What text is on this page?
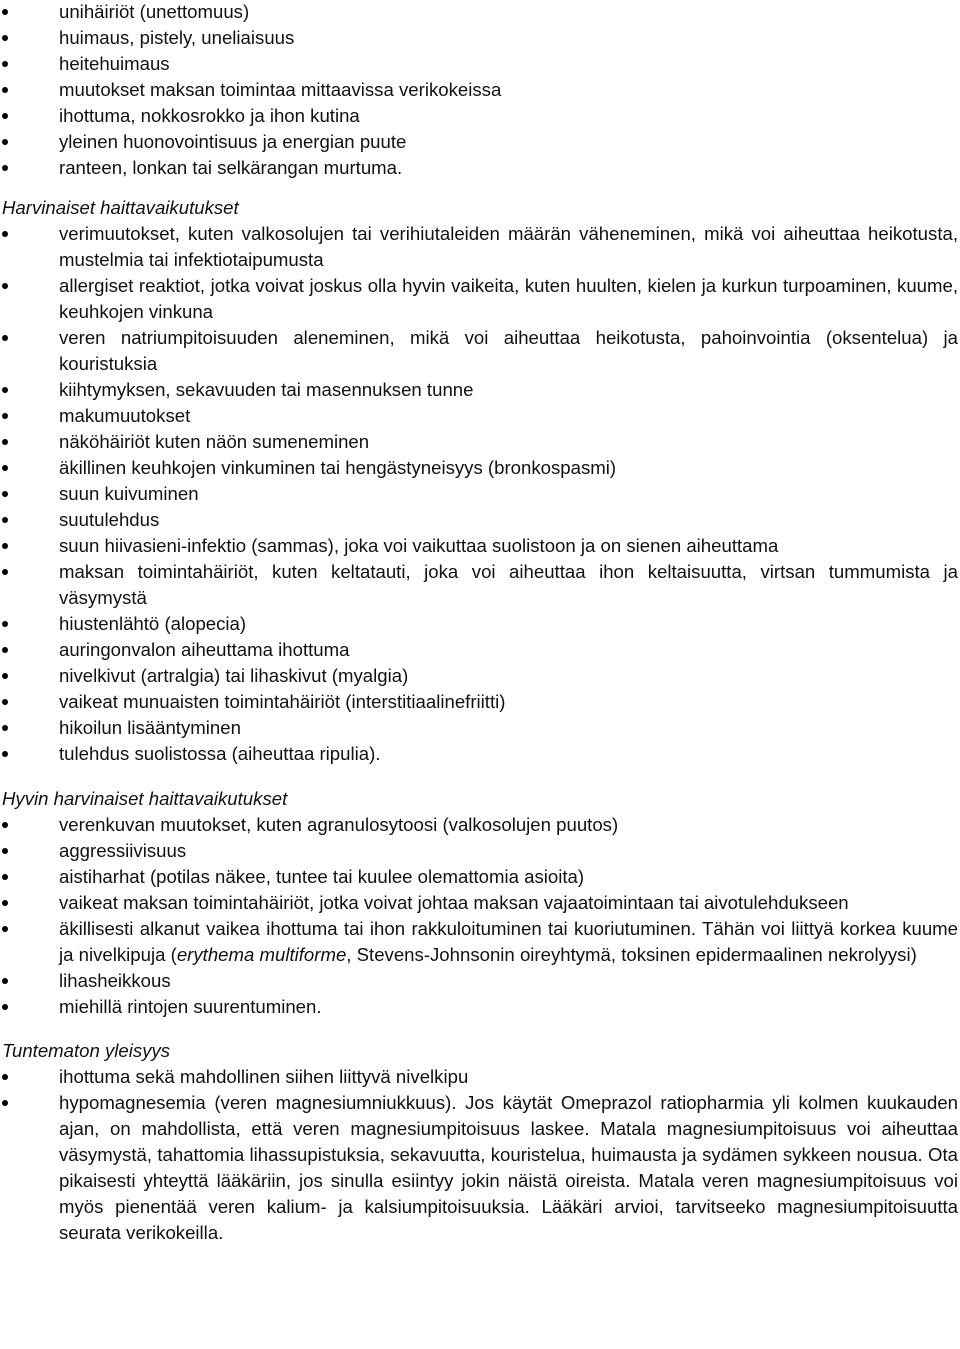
unihäiriöt (unettomuus)
huimaus, pistely, uneliaisuus
heitehuimaus
muutokset maksan toimintaa mittaavissa verikokeissa
ihottuma, nokkosrokko ja ihon kutina
yleinen huonovointisuus ja energian puute
ranteen, lonkan tai selkärangan murtuma.
Harvinaiset haittavaikutukset
verimuutokset, kuten valkosolujen tai verihiutaleiden määrän väheneminen, mikä voi aiheuttaa heikotusta, mustelmia tai infektiotaipumusta
allergiset reaktiot, jotka voivat joskus olla hyvin vaikeita, kuten huulten, kielen ja kurkun turpoaminen, kuume, keuhkojen vinkuna
veren natriumpitoisuuden aleneminen, mikä voi aiheuttaa heikotusta, pahoinvointia (oksentelua) ja kouristuksia
kiihtymyksen, sekavuuden tai masennuksen tunne
makumuutokset
näköhäiriöt kuten näön sumeneminen
äkillinen keuhkojen vinkuminen tai hengästyneisyys (bronkospasmi)
suun kuivuminen
suutulehdus
suun hiivasieni-infektio (sammas), joka voi vaikuttaa suolistoon ja on sienen aiheuttama
maksan toimintahäiriöt, kuten keltatauti, joka voi aiheuttaa ihon keltaisuutta, virtsan tummumista ja väsymystä
hiustenlähtö (alopecia)
auringonvalon aiheuttama ihottuma
nivelkivut (artralgia) tai lihaskivut (myalgia)
vaikeat munuaisten toimintahäiriöt (interstitiaalinefriitti)
hikoilun lisääntyminen
tulehdus suolistossa (aiheuttaa ripulia).
Hyvin harvinaiset haittavaikutukset
verenkuvan muutokset, kuten agranulosytoosi (valkosolujen puutos)
aggressiivisuus
aistiharhat (potilas näkee, tuntee tai kuulee olemattomia asioita)
vaikeat maksan toimintahäiriöt, jotka voivat johtaa maksan vajaatoimintaan tai aivotulehdukseen
äkillisesti alkanut vaikea ihottuma tai ihon rakkuloituminen tai kuoriutuminen. Tähän voi liittyä korkea kuume ja nivelkipuja (erythema multiforme, Stevens-Johnsonin oireyhtymä, toksinen epidermaalinen nekrolyysi)
lihasheikkous
miehillä rintojen suurentuminen.
Tuntematon yleisyys
ihottuma sekä mahdollinen siihen liittyvä nivelkipu
hypomagnesemia (veren magnesiumniukkuus). Jos käytät Omeprazol ratiopharmia yli kolmen kuukauden ajan, on mahdollista, että veren magnesiumpitoisuus laskee. Matala magnesiumpitoisuus voi aiheuttaa väsymystä, tahattomia lihassupistuksia, sekavuutta, kouristelua, huimausta ja sydämen sykkeen nousua. Ota pikaisesti yhteyttä lääkäriin, jos sinulla esiintyy jokin näistä oireista. Matala veren magnesiumpitoisuus voi myös pienentää veren kalium- ja kalsiumpitoisuuksia. Lääkäri arvioi, tarvitseeko magnesiumpitoisuutta seurata verikokeilla.
